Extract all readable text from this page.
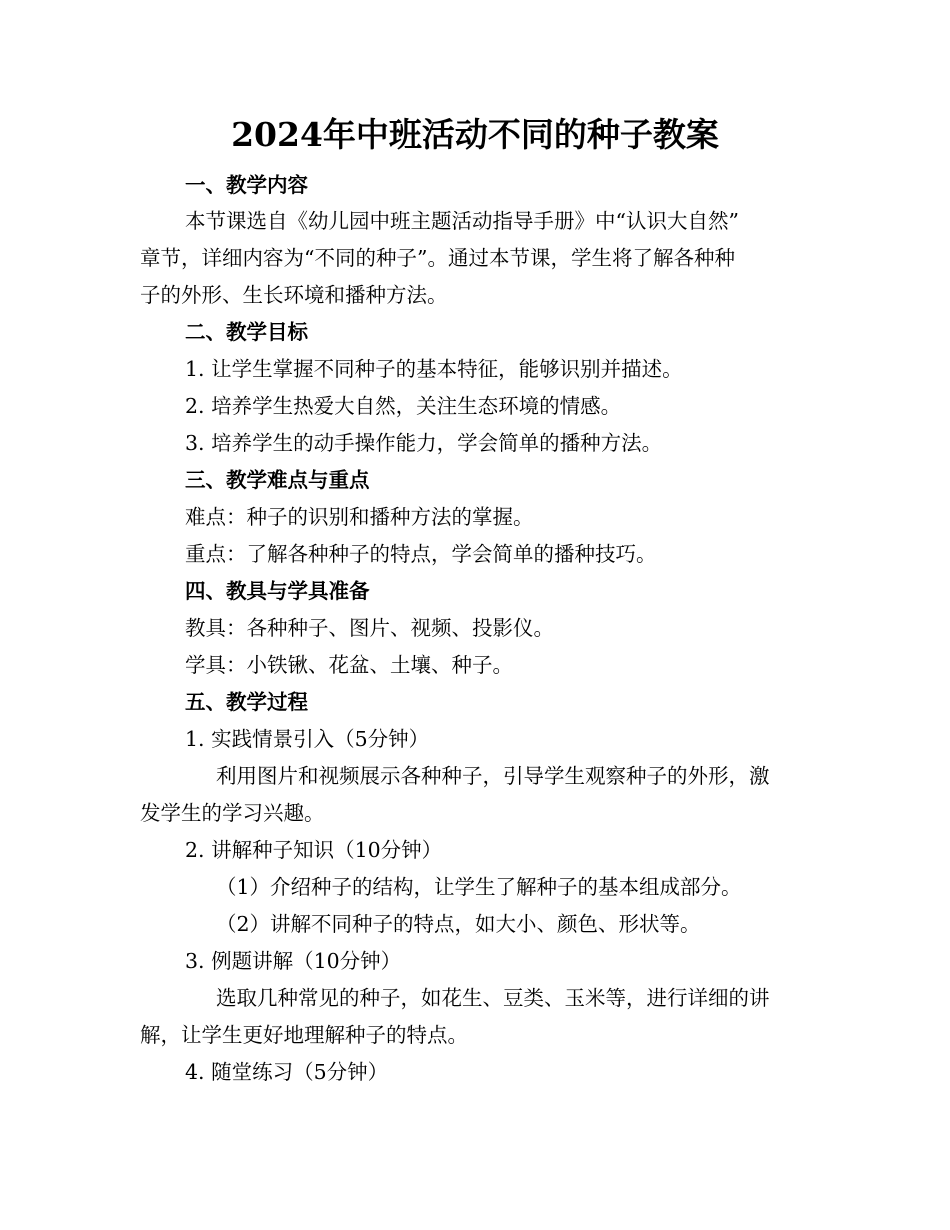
2024年中班活动不同的种子教案
一、教学内容
本节课选自《幼儿园中班主题活动指导手册》中“认识大自然”
章节，详细内容为“不同的种子”。通过本节课，学生将了解各种种
子的外形、生长环境和播种方法。
二、教学目标
1. 让学生掌握不同种子的基本特征，能够识别并描述。
2. 培养学生热爱大自然，关注生态环境的情感。
3. 培养学生的动手操作能力，学会简单的播种方法。
三、教学难点与重点
难点：种子的识别和播种方法的掌握。
重点：了解各种种子的特点，学会简单的播种技巧。
四、教具与学具准备
教具：各种种子、图片、视频、投影仪。
学具：小铁锹、花盆、土壤、种子。
五、教学过程
1. 实践情景引入（5分钟）
利用图片和视频展示各种种子，引导学生观察种子的外形，激
发学生的学习兴趣。
2. 讲解种子知识（10分钟）
（1）介绍种子的结构，让学生了解种子的基本组成部分。
（2）讲解不同种子的特点，如大小、颜色、形状等。
3. 例题讲解（10分钟）
选取几种常见的种子，如花生、豆类、玉米等，进行详细的讲
解，让学生更好地理解种子的特点。
4. 随堂练习（5分钟）
